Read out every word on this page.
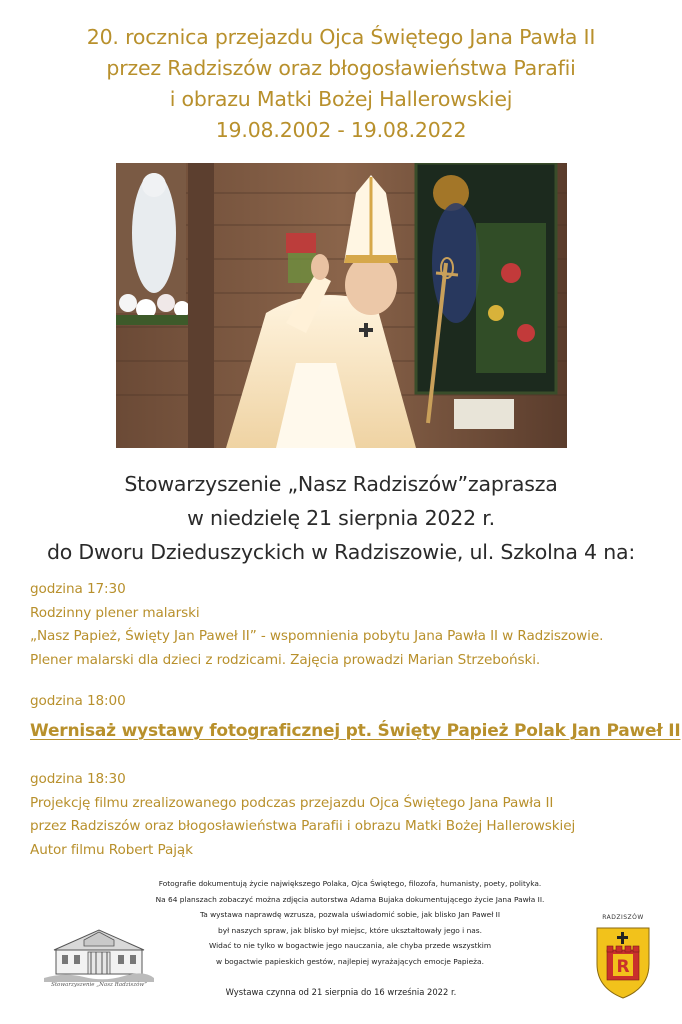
20. rocznica przejazdu Ojca Świętego Jana Pawła II
przez Radziszów oraz błogosławieństwa Parafii
i obrazu Matki Bożej Hallerowskiej
19.08.2002 - 19.08.2022
Stowarzyszenie „Nasz Radziszów”zaprasza
w niedzielę 21 sierpnia 2022 r.
do Dworu Dzieduszyckich w Radziszowie, ul. Szkolna 4 na:
godzina 17:30
Rodzinny plener malarski
„Nasz Papież, Święty Jan Paweł II” - wspomnienia pobytu Jana Pawła II w Radziszowie.
Plener malarski dla dzieci z rodzicami. Zajęcia prowadzi Marian Strzeboński.
godzina 18:00
Wernisaż wystawy fotograficznej pt. Święty Papież Polak Jan Paweł II
godzina 18:30
Projekcję filmu zrealizowanego podczas przejazdu Ojca Świętego Jana Pawła II
przez Radziszów oraz błogosławieństwa Parafii i obrazu Matki Bożej Hallerowskiej
Autor filmu Robert Pająk
Fotografie dokumentują życie największego Polaka, Ojca Świętego, filozofa, humanisty, poety, polityka.
Na 64 planszach zobaczyć można zdjęcia autorstwa Adama Bujaka dokumentującego życie Jana Pawła II.
Ta wystawa naprawdę wzrusza, pozwala uświadomić sobie, jak blisko Jan Paweł II
był naszych spraw, jak blisko był miejsc, które ukształtowały jego i nas.
Widać to nie tylko w bogactwie jego nauczania, ale chyba przede wszystkim
w bogactwie papieskich gestów, najlepiej wyrażających emocje Papieża.
Stowarzyszenie „Nasz Radziszów”
RADZISZÓW
R
Wystawa czynna od 21 sierpnia do 16 września 2022 r.
